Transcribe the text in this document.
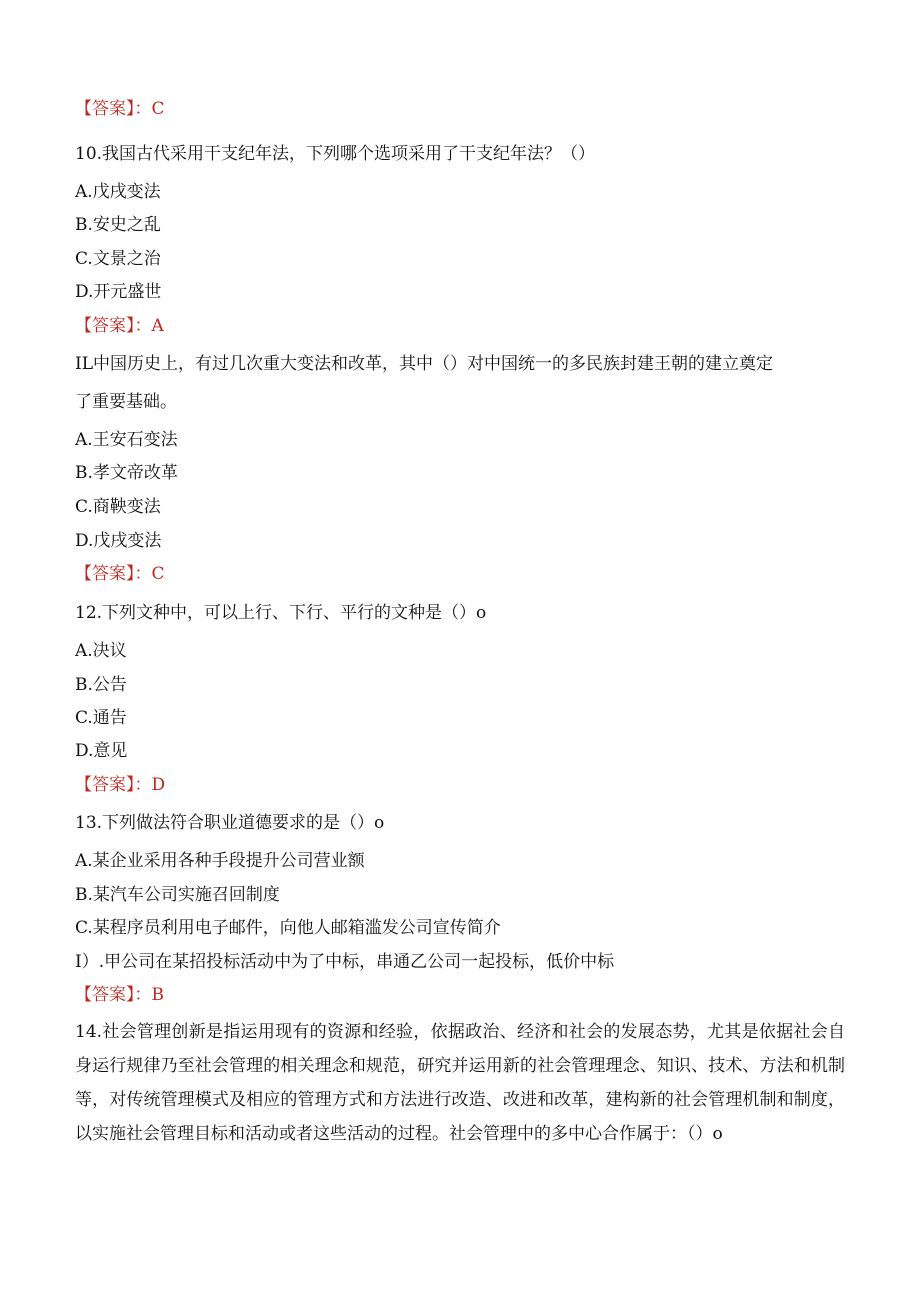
【答案】：C
10.我国古代采用干支纪年法，下列哪个选项采用了干支纪年法？（）
A.戊戌变法
B.安史之乱
C.文景之治
D.开元盛世
【答案】：A
IL中国历史上，有过几次重大变法和改革，其中（）对中国统一的多民族封建王朝的建立奠定
了重要基础。
A.王安石变法
B.孝文帝改革
C.商鞅变法
D.戊戌变法
【答案】：C
12.下列文种中，可以上行、下行、平行的文种是（）o
A.决议
B.公告
C.通告
D.意见
【答案】：D
13.下列做法符合职业道德要求的是（）o
A.某企业采用各种手段提升公司营业额
B.某汽车公司实施召回制度
C.某程序员利用电子邮件，向他人邮箱滥发公司宣传简介
I）.甲公司在某招投标活动中为了中标，串通乙公司一起投标，低价中标
【答案】：B
14.社会管理创新是指运用现有的资源和经验，依据政治、经济和社会的发展态势，尤其是依据社会自身运行规律乃至社会管理的相关理念和规范，研究并运用新的社会管理理念、知识、技术、方法和机制等，对传统管理模式及相应的管理方式和方法进行改造、改进和改革，建构新的社会管理机制和制度，以实施社会管理目标和活动或者这些活动的过程。社会管理中的多中心合作属于：（）o
